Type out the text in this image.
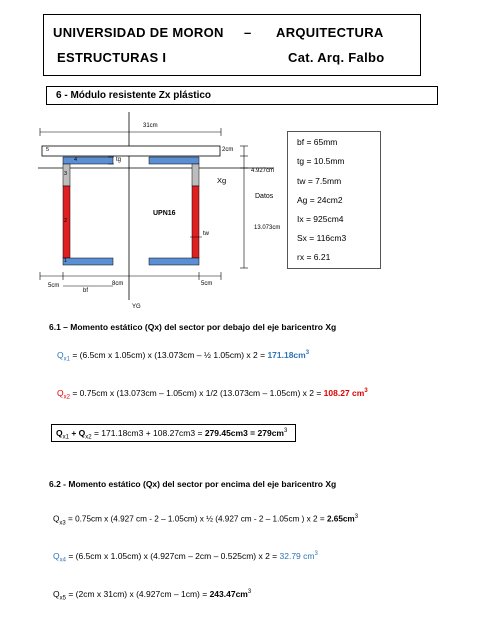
UNIVERSIDAD DE MORON – ARQUITECTURA
ESTRUCTURAS I	Cat. Arq. Falbo
6 - Módulo resistente Zx plástico
31cm
2cm
4.927cm
13.073cm
tg
Xg
YG
tw
UPN16
Datos
5cm	8cm	5cm
bf
5
4
3
2
1
bf = 65mm
tg = 10.5mm
tw = 7.5mm
Ag = 24cm2
Ix = 925cm4
Sx = 116cm3
rx = 6.21
6.1 – Momento estático (Qx) del sector por debajo del eje baricentro Xg
$Q_{x1} = (6.5cm$ x 1.05cm) x (13.073cm – ½ 1.05cm) x $2 = 171.18cm^3$
$Q_{x2} = 0.75cm$ x (13.073cm – 1.05cm) x 1/2 (13.073cm – 1.05cm) x 2 = 108.27 $cm^3$
$Q_{x1} + Q_{x2} = 171.18cm3 + 108.27cm3 = 279.45cm3 = 279cm^3$
6.2 - Momento estático (Qx) del sector por encima del eje baricentro Xg
$Q_{x3} = 0.75cm$ x (4.927 cm - 2 – 1.05cm) x ½ (4.927 cm - 2 – 1.05cm ) x $2 = 2.65cm^3$
$Q_{x4} = (6.5cm$ x 1.05cm) x (4.927cm – 2cm – 0.525cm) x 2 = 32.79 $cm^3$
$Q_{x5} = (2cm$ x 31cm) x $(4.927cm - 1cm) = 243.47cm^3$
